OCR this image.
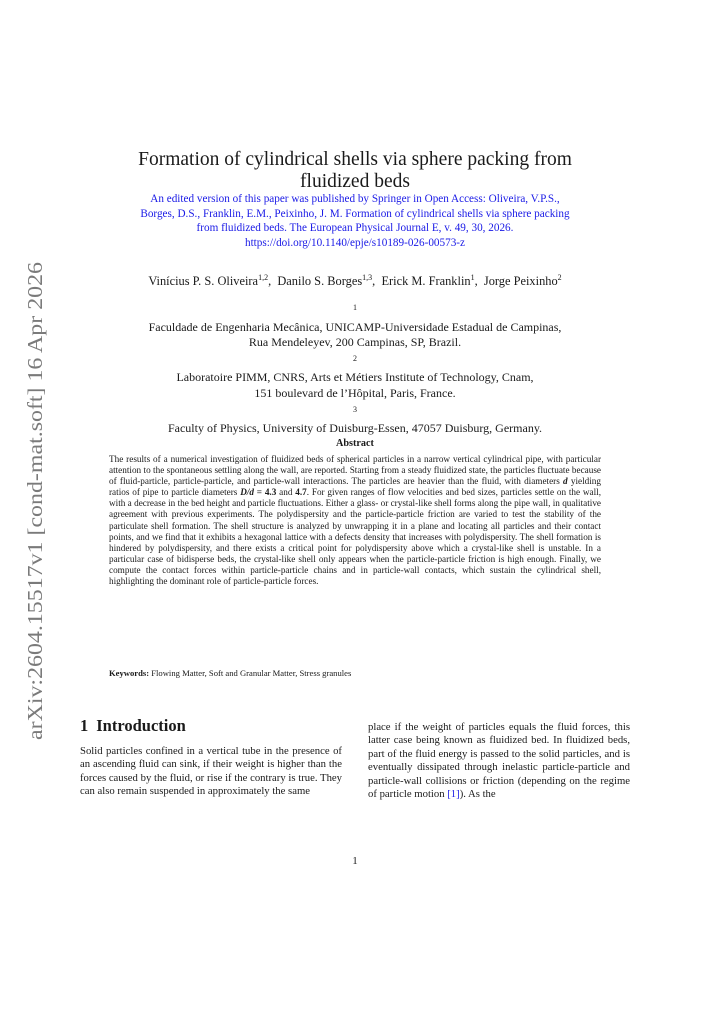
arXiv:2604.15517v1 [cond-mat.soft] 16 Apr 2026
Formation of cylindrical shells via sphere packing from
fluidized beds
An edited version of this paper was published by Springer in Open Access: Oliveira, V.P.S.,
Borges, D.S., Franklin, E.M., Peixinho, J. M. Formation of cylindrical shells via sphere packing
from fluidized beds. The European Physical Journal E, v. 49, 30, 2026.
https://doi.org/10.1140/epje/s10189-026-00573-z
Vinícius P. S. Oliveira$^{1,2}$,  Danilo S. Borges$^{1,3}$,  Erick M. Franklin$^1$,  Jorge Peixinho$^2$
$^1$
Faculdade de Engenharia Mecânica, UNICAMP-Universidade Estadual de Campinas,
Rua Mendeleyev, 200 Campinas, SP, Brazil.
$^2$
Laboratoire PIMM, CNRS, Arts et Métiers Institute of Technology, Cnam,
151 boulevard de l’Hôpital, Paris, France.
$^3$
Faculty of Physics, University of Duisburg-Essen, 47057 Duisburg, Germany.
Abstract

The results of a numerical investigation of fluidized beds of spherical particles in a narrow vertical cylindrical pipe, with particular attention to the spontaneous settling along the wall, are reported. Starting from a steady fluidized state, the particles fluctuate because of fluid-particle, particle-particle, and particle-wall interactions. The particles are heavier than the fluid, with diameters d yielding ratios of pipe to particle diameters D/d = 4.3 and 4.7. For given ranges of flow velocities and bed sizes, particles settle on the wall, with a decrease in the bed height and particle fluctuations. Either a glass- or crystal-like shell forms along the pipe wall, in qualitative agreement with previous experiments. The polydispersity and the particle-particle friction are varied to test the stability of the particulate shell formation. The shell structure is analyzed by unwrapping it in a plane and locating all particles and their contact points, and we find that it exhibits a hexagonal lattice with a defects density that increases with polydispersity. The shell formation is hindered by polydispersity, and there exists a critical point for polydispersity above which a crystal-like shell is unstable. In a particular case of bidisperse beds, the crystal-like shell only appears when the particle-particle friction is high enough. Finally, we compute the contact forces within particle-particle chains and in particle-wall contacts, which sustain the cylindrical shell, highlighting the dominant role of particle-particle forces.

Keywords: Flowing Matter, Soft and Granular Matter, Stress granules
1 Introduction

Solid particles confined in a vertical tube in the presence of an ascending fluid can sink, if their weight is higher than the forces caused by the fluid, or rise if the contrary is true. They can also remain suspended in approximately the same

place if the weight of particles equals the fluid forces, this latter case being known as fluidized bed. In fluidized beds, part of the fluid energy is passed to the solid particles, and is eventually dissipated through inelastic particle-particle and particle-wall collisions or friction (depending on the regime of particle motion [1]). As the

1
